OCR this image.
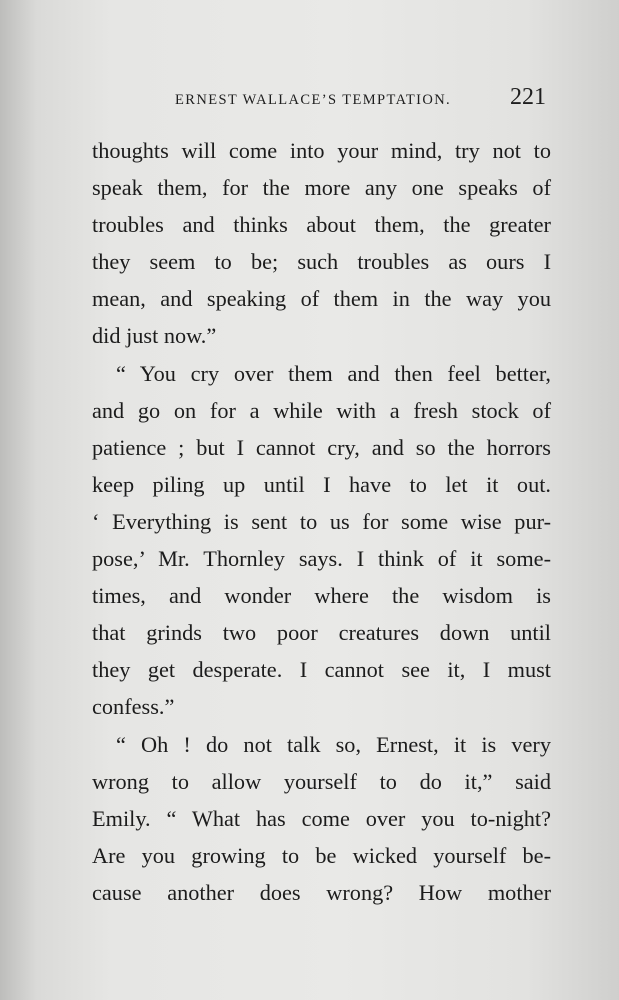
ERNEST WALLACE’S TEMPTATION. 221
thoughts will come into your mind, try not to
speak them, for the more any one speaks of
troubles and thinks about them, the greater
they seem to be; such troubles as ours I
mean, and speaking of them in the way you
did just now.”
“ You cry over them and then feel better,
and go on for a while with a fresh stock of
patience ; but I cannot cry, and so the horrors
keep piling up until I have to let it out.
‘ Everything is sent to us for some wise pur-
pose,’ Mr. Thornley says. I think of it some-
times, and wonder where the wisdom is
that grinds two poor creatures down until
they get desperate. I cannot see it, I must
confess.”
“ Oh ! do not talk so, Ernest, it is very
wrong to allow yourself to do it,” said
Emily. “ What has come over you to-night?
Are you growing to be wicked yourself be-
cause another does wrong? How mother
